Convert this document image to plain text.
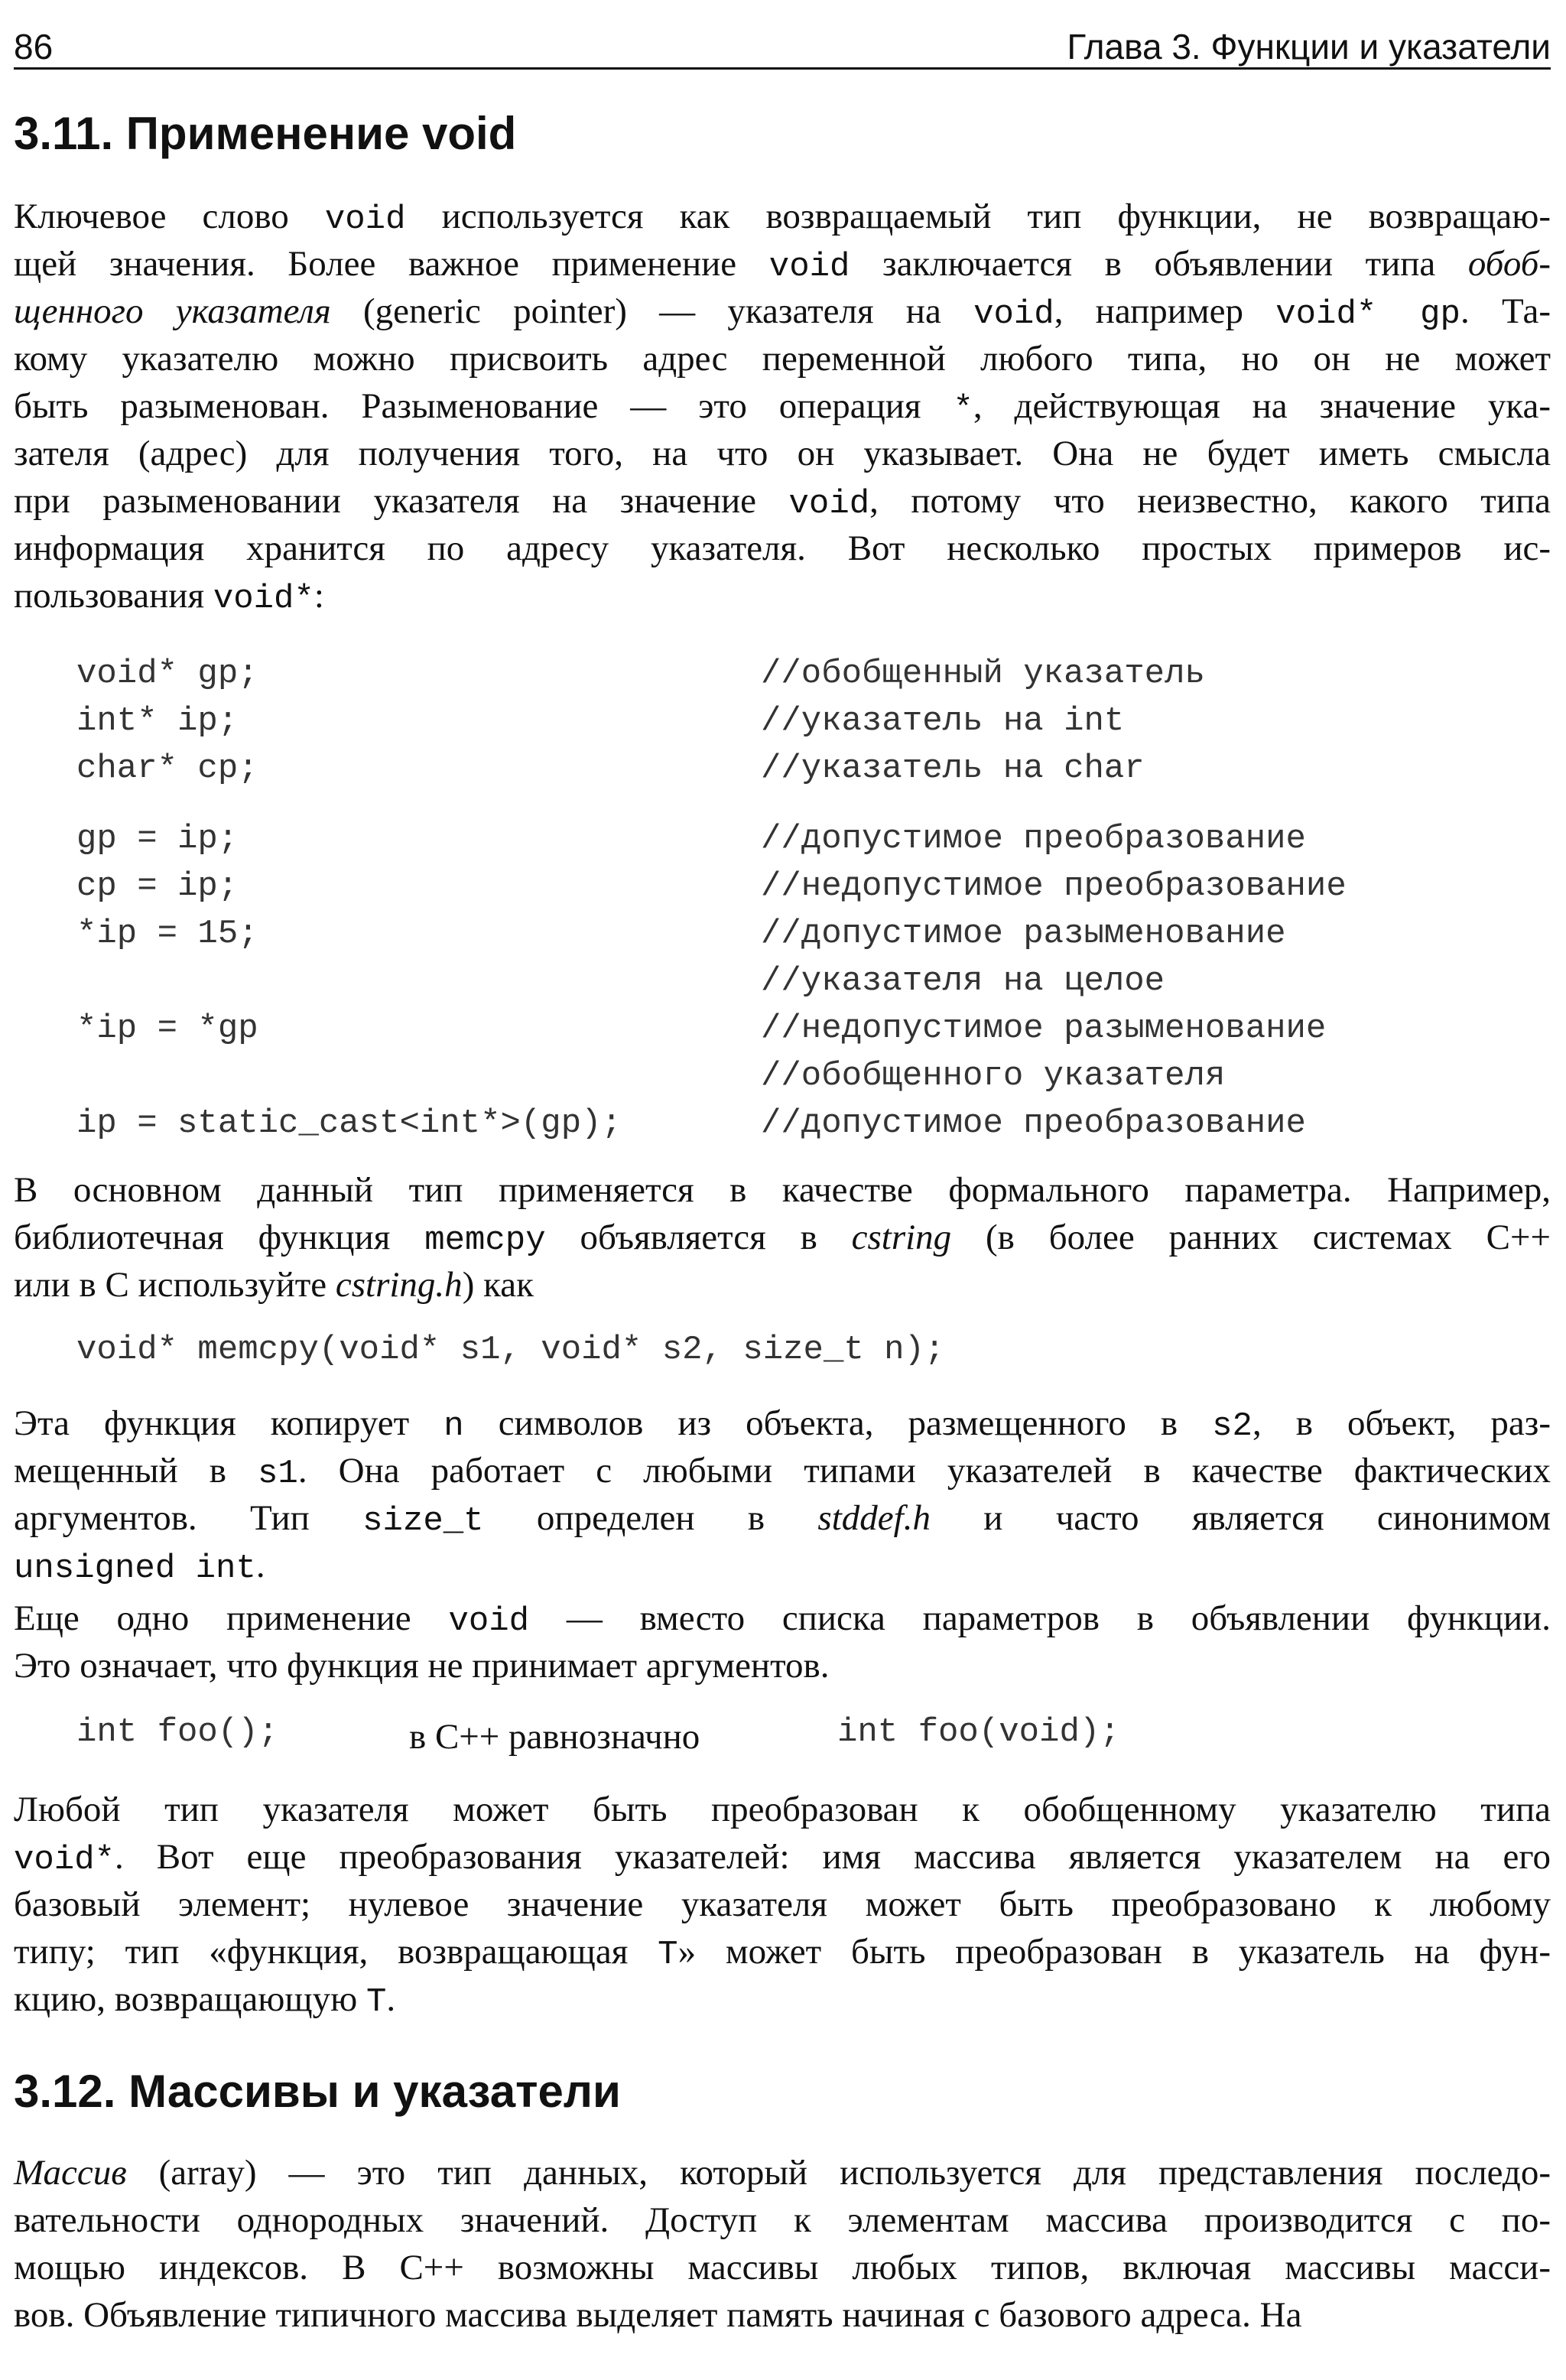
86	Глава 3. Функции и указатели
3.11. Применение void
Ключевое слово void используется как возвращаемый тип функции, не возвращаю-
щей значения. Более важное применение void заключается в объявлении типа обоб-
щенного указателя (generic pointer) — указателя на void, например void* gp. Та-
кому указателю можно присвоить адрес переменной любого типа, но он не может
быть разыменован. Разыменование — это операция *, действующая на значение ука-
зателя (адрес) для получения того, на что он указывает. Она не будет иметь смысла
при разыменовании указателя на значение void, потому что неизвестно, какого типа
информация хранится по адресу указателя. Вот несколько простых примеров ис-
пользования void*:
void* gp;	//обобщенный указатель
int* ip;	//указатель на int
char* cp;	//указатель на char
gp = ip;	//допустимое преобразование
cp = ip;	//недопустимое преобразование
*ip = 15;	//допустимое разыменование
//указателя на целое
*ip = *gp	//недопустимое разыменование
//обобщенного указателя
ip = static_cast<int*>(gp);	//допустимое преобразование
В основном данный тип применяется в качестве формального параметра. Например,
библиотечная функция memcpy объявляется в cstring (в более ранних системах C++
или в C используйте cstring.h) как
void* memcpy(void* s1, void* s2, size_t n);
Эта функция копирует n символов из объекта, размещенного в s2, в объект, раз-
мещенный в s1. Она работает с любыми типами указателей в качестве фактических
аргументов. Тип size_t определен в stddef.h и часто является синонимом
unsigned int.
Еще одно применение void — вместо списка параметров в объявлении функции.
Это означает, что функция не принимает аргументов.
int foo();	в C++ равнозначно	int foo(void);
Любой тип указателя может быть преобразован к обобщенному указателю типа
void*. Вот еще преобразования указателей: имя массива является указателем на его
базовый элемент; нулевое значение указателя может быть преобразовано к любому
типу; тип «функция, возвращающая T» может быть преобразован в указатель на фун-
кцию, возвращающую T.
3.12. Массивы и указатели
Массив (array) — это тип данных, который используется для представления последо-
вательности однородных значений. Доступ к элементам массива производится с по-
мощью индексов. В C++ возможны массивы любых типов, включая массивы масси-
вов. Объявление типичного массива выделяет память начиная с базового адреса. На
